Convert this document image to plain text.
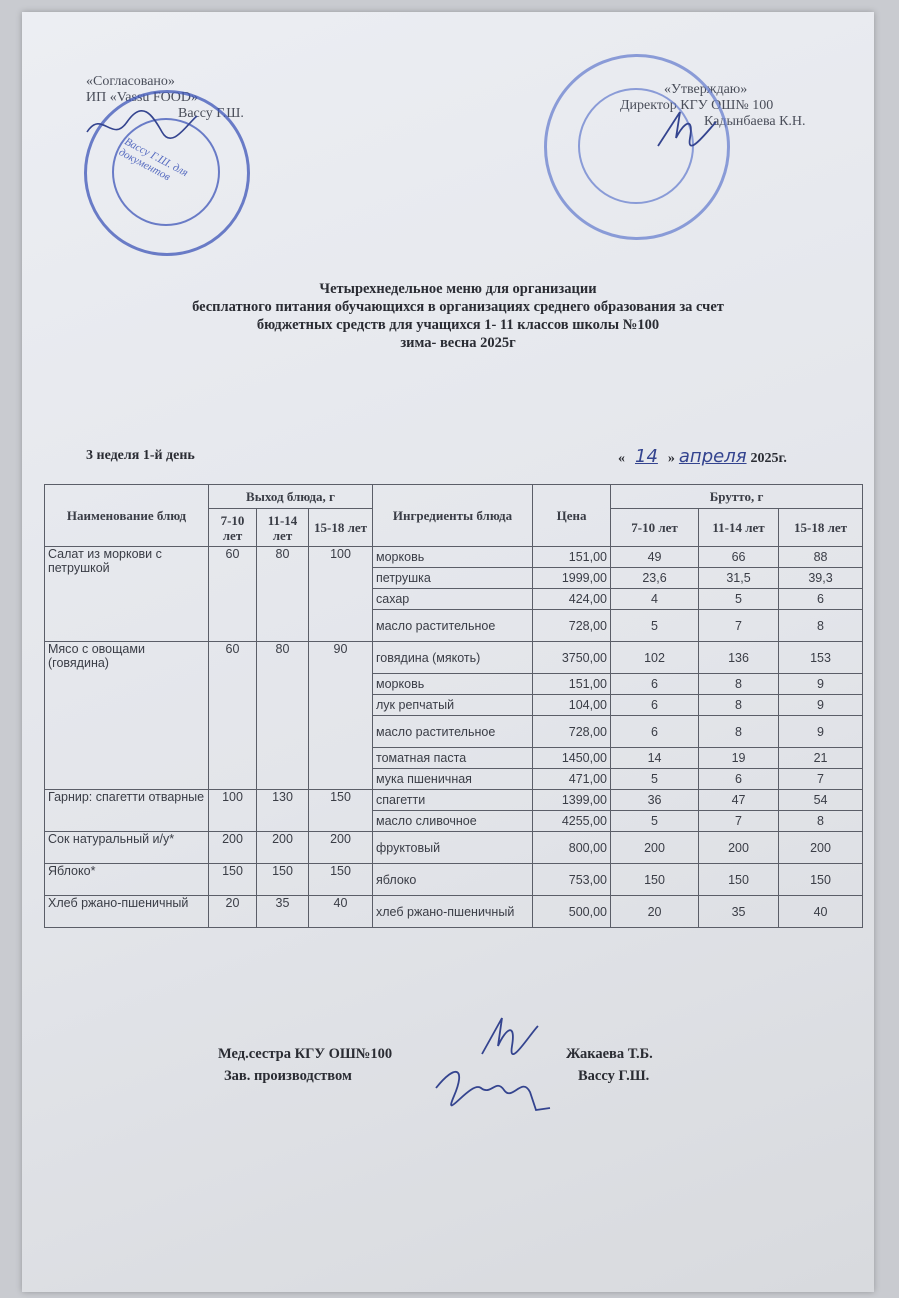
«Согласовано»
ИП «Vassu FOOD»
Вассу Г.Ш.
Вассу Г.Ш. для документов
«Утверждаю»
Директор КГУ ОШ№ 100
Кадынбаева К.Н.
Четырехнедельное меню для организации
бесплатного питания обучающихся в организациях среднего образования за счет
бюджетных средств для учащихся 1- 11 классов школы №100
зима- весна 2025г
3 неделя 1-й день	« 14 » апреля 2025г.
Наименование блюд	Выход блюда, г			Ингредиенты блюда	Цена	Брутто, г		
	7-10 лет	11-14 лет	15-18 лет			7-10 лет	11-14 лет	15-18 лет
Салат из моркови с петрушкой	60	80	100	морковь	151,00	49	66	88
				петрушка	1999,00	23,6	31,5	39,3
				сахар	424,00	4	5	6
				масло растительное	728,00	5	7	8
Мясо с овощами (говядина)	60	80	90	говядина (мякоть)	3750,00	102	136	153
				морковь	151,00	6	8	9
				лук репчатый	104,00	6	8	9
				масло растительное	728,00	6	8	9
				томатная паста	1450,00	14	19	21
				мука пшеничная	471,00	5	6	7
Гарнир: спагетти отварные	100	130	150	спагетти	1399,00	36	47	54
				масло сливочное	4255,00	5	7	8
Сок натуральный и/у*	200	200	200	фруктовый	800,00	200	200	200
Яблоко*	150	150	150	яблоко	753,00	150	150	150
Хлеб ржано-пшеничный	20	35	40	хлеб ржано-пшеничный	500,00	20	35	40
Мед.сестра КГУ ОШ№100	Жакаева Т.Б.
Зав. производством	Вассу Г.Ш.
